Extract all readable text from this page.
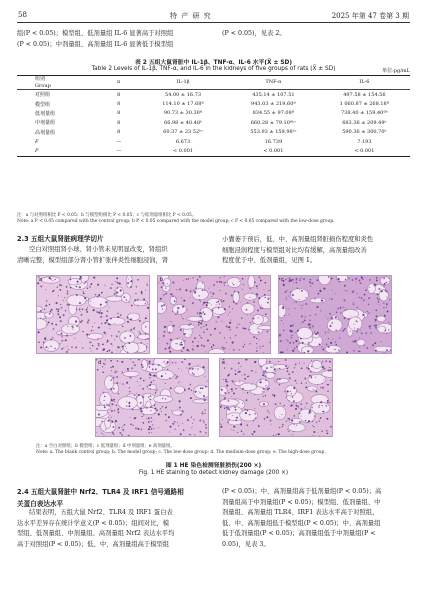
58	特 产 研 究	2025 年第 47 卷第 3 期
组(P < 0.05)；模型组、低剂量组 IL-6 显著高于对照组
(P < 0.05)；中剂量组、高剂量组 IL-6 显著低于模型组
(P < 0.05)，见表 2。
表 2 五组大鼠肾脏中 IL-1β、TNF-α、IL-6 水平(X̄ ± SD)
Table 2 Levels of IL-1β, TNF-α, and IL-6 in the kidneys of five groups of rats (X̄ ± SD)	单位:pg/mL
组别
Group	n	IL-1β	TNF-α	IL-6
对照组	8	54.00 ± 16.73	435.14 ± 107.51	497.58 ± 154.56
模型组	8	114.10 ± 17.68ª	943.03 ± 219.60ª	1 060.87 ± 268.18ª
低剂量组	8	90.73 ± 30.30ª	834.55 ± 97.08ª	738.40 ± 159.40ªᵇ
中剂量组	8	66.98 ± 40.48ᵇ	660.28 ± 79.10ªᵇᶜ	683.36 ± 209.49ᵇ
高剂量组	8	60.37 ± 23.52ᵇᶜ	553.93 ± 159.98ᵇᶜ	590.36 ± 300.70ᵇ
F	—	6.673	16.739	7.193
P	—	< 0.001	< 0.001	< 0.001
注：a 与对照组相比 P < 0.05；b 与模型组相比 P < 0.05；c 与低剂量组相比 P < 0.05。
Note: a P < 0.05 compared with the control group; b P < 0.05 compared with the model group; c P < 0.05 compared with the low-dose group.
2.3 五组大鼠肾脏病理学切片
空白对照组肾小球、肾小管未见明显改变，肾组织
清晰完整，模型组部分肾小管扩张伴炎性细胞浸润，肾
小囊萎于预后，低、中、高剂量组肾脏损伤程度和炎性
细胞浸润程度与模型组对比均有缓解，高剂量组改善
程度优于中、低剂量组，见图 1。
a	b	c
d	e
注：a 空白对照组；b 模型组；c 低剂量组；d 中剂量组；e 高剂量组。
Note: a. The blank control group; b. The model group; c. The low-dose group; d. The medium-dose group; e. The high-dose group.
图 1 HE 染色检测肾脏损伤(200 ×)
Fig. 1 HE staining to detect kidney damage (200 ×)
2.4 五组大鼠肾脏中 Nrf2、TLR4 及 IRF1 信号通路相
关蛋白表达水平
结果表明，五组大鼠 Nrf2、TLR4 及 IRF1 蛋白表
达水平差异存在统计学意义(P < 0.05)；组间对比，模
型组、低剂量组、中剂量组、高剂量组 Nrf2 表达水平均
高于对照组(P < 0.05)；低、中、高剂量组高于模型组
(P < 0.05)；中、高剂量组高于低剂量组(P < 0.05)；高
剂量组高于中剂量组(P < 0.05)；模型组、低剂量组、中
剂量组、高剂量组 TLR4、IRF1 表达水平高于对照组，
低、中、高剂量组低于模型组(P < 0.05)；中、高剂量组
低于低剂量组(P < 0.05)；高剂量组低于中剂量组(P <
0.05)，见表 3。
